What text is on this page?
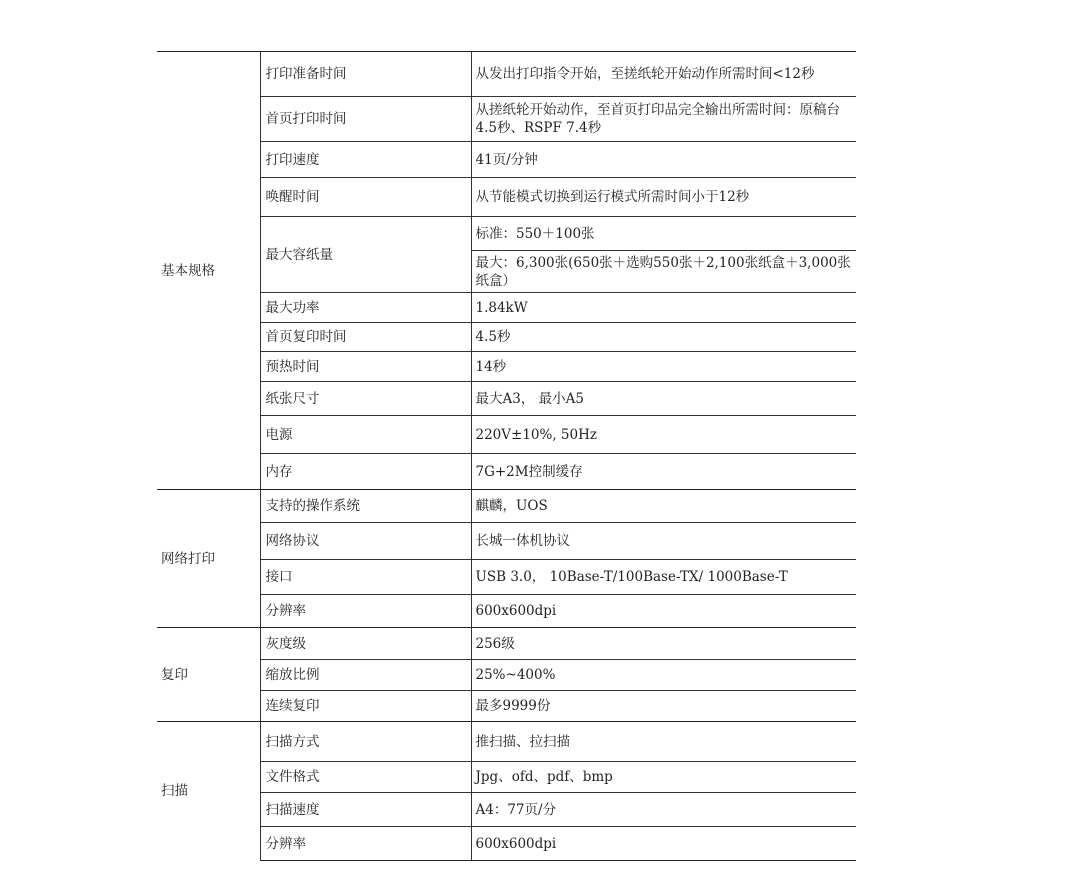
基本规格	打印准备时间	从发出打印指令开始，至搓纸轮开始动作所需时间<12秒
	首页打印时间	从搓纸轮开始动作，至首页打印品完全输出所需时间：原稿台 4.5秒、RSPF 7.4秒
	打印速度	41页/分钟
	唤醒时间	从节能模式切换到运行模式所需时间小于12秒
	最大容纸量	标准：550＋100张
		最大：6,300张(650张＋选购550张＋2,100张纸盒＋3,000张纸盒）
	最大功率	1.84kW
	首页复印时间	4.5秒
	预热时间	14秒
	纸张尺寸	最大A3， 最小A5
	电源	220V±10%, 50Hz
	内存	7G+2M控制缓存
网络打印	支持的操作系统	麒麟，UOS
	网络协议	长城一体机协议
	接口	USB 3.0， 10Base-T/100Base-TX/ 1000Base-T
	分辨率	600x600dpi
复印	灰度级	256级
	缩放比例	25%~400%
	连续复印	最多9999份
扫描	扫描方式	推扫描、拉扫描
	文件格式	Jpg、ofd、pdf、bmp
	扫描速度	A4：77页/分
	分辨率	600x600dpi
